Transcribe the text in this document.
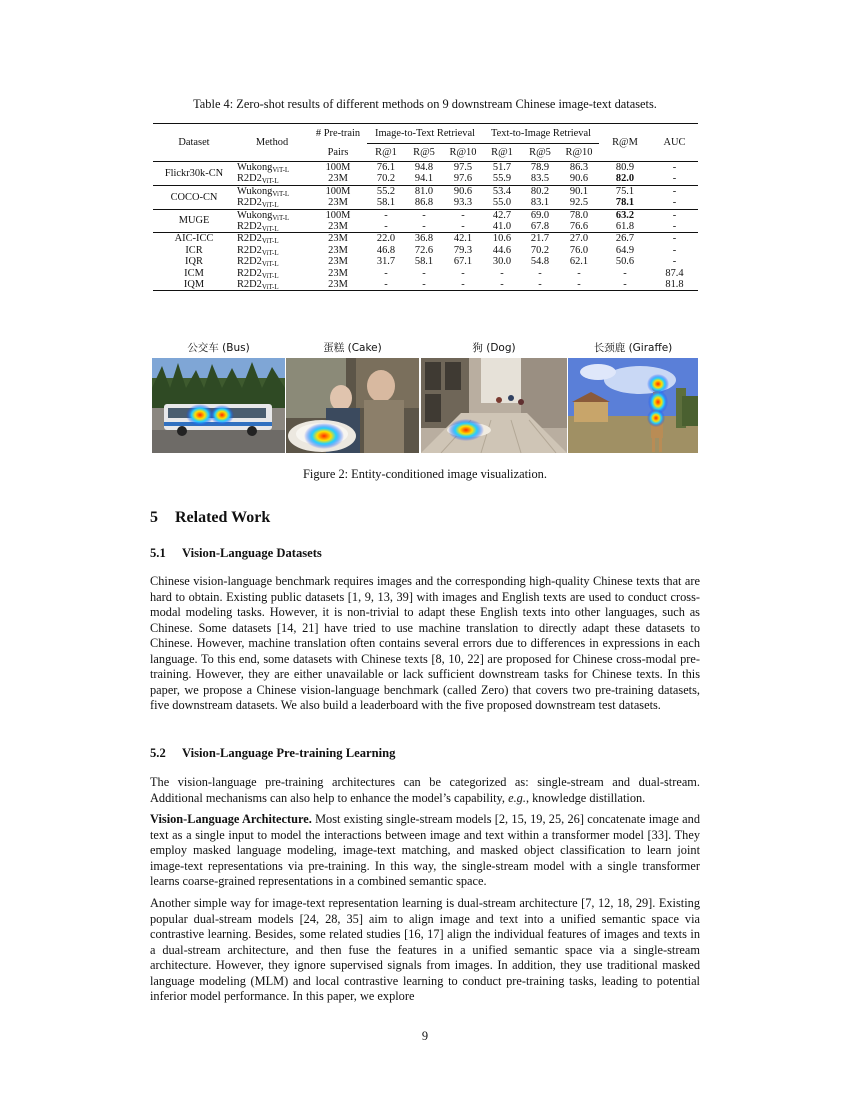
Table 4: Zero-shot results of different methods on 9 downstream Chinese image-text datasets.
Dataset	Method	# Pre-train	Image-to-Text Retrieval			Text-to-Image Retrieval			R@M	AUC
		Pairs	R@1	R@5	R@10	R@1	R@5	R@10		
Flickr30k-CN	Wukong$_{ViT-L}$	100M	76.1	94.8	97.5	51.7	78.9	86.3	80.9	-
	$R2D2_{ViT-L}$	23M	70.2	94.1	97.6	55.9	83.5	90.6	82.0	-
COCO-CN	Wukong$_{ViT-L}$	100M	55.2	81.0	90.6	53.4	80.2	90.1	75.1	-
	$R2D2_{ViT-L}$	23M	58.1	86.8	93.3	55.0	83.1	92.5	78.1	-
MUGE	Wukong$_{ViT-L}$	100M	-	-	-	42.7	69.0	78.0	63.2	-
	$R2D2_{ViT-L}$	23M	-	-	-	41.0	67.8	76.6	61.8	-
AIC-ICC	$R2D2_{ViT-L}$	23M	22.0	36.8	42.1	10.6	21.7	27.0	26.7	-
ICR	$R2D2_{ViT-L}$	23M	46.8	72.6	79.3	44.6	70.2	76.0	64.9	-
IQR	$R2D2_{ViT-L}$	23M	31.7	58.1	67.1	30.0	54.8	62.1	50.6	-
ICM	$R2D2_{ViT-L}$	23M	-	-	-	-	-	-	-	87.4
IQM	$R2D2_{ViT-L}$	23M	-	-	-	-	-	-	-	81.8
公交车 (Bus)	蛋糕 (Cake)	狗 (Dog)	长颈鹿 (Giraffe)
Figure 2: Entity-conditioned image visualization.
5 Related Work
5.1 Vision-Language Datasets

Chinese vision-language benchmark requires images and the corresponding high-quality Chinese texts that are hard to obtain. Existing public datasets [1, 9, 13, 39] with images and English texts are used to conduct cross-modal modeling tasks. However, it is non-trivial to adapt these English texts into other languages, such as Chinese. Some datasets [14, 21] have tried to use machine translation to directly adapt these datasets to Chinese. However, machine translation often contains several errors due to differences in expressions in each language. To this end, some datasets with Chinese texts [8, 10, 22] are proposed for Chinese cross-modal pre-training. However, they are either unavailable or lack sufficient downstream tasks for Chinese texts. In this paper, we propose a Chinese vision-language benchmark (called Zero) that covers two pre-training datasets, five downstream datasets. We also build a leaderboard with the five proposed downstream test datasets.

5.2 Vision-Language Pre-training Learning

The vision-language pre-training architectures can be categorized as: single-stream and dual-stream. Additional mechanisms can also help to enhance the model’s capability, e.g., knowledge distillation.

Vision-Language Architecture. Most existing single-stream models [2, 15, 19, 25, 26] concatenate image and text as a single input to model the interactions between image and text within a transformer model [33]. They employ masked language modeling, image-text matching, and masked object classification to learn joint image-text representations via pre-training. In this way, the single-stream model with a single transformer learns coarse-grained representations in a combined semantic space.

Another simple way for image-text representation learning is dual-stream architecture [7, 12, 18, 29]. Existing popular dual-stream models [24, 28, 35] aim to align image and text into a unified semantic space via contrastive learning. Besides, some related studies [16, 17] align the individual features of images and texts in a dual-stream architecture, and then fuse the features in a unified semantic space via a single-stream architecture. However, they ignore supervised signals from images. In addition, they use traditional masked language modeling (MLM) and local contrastive learning to conduct pre-training tasks, leading to potential inferior model performance. In this paper, we explore

9
